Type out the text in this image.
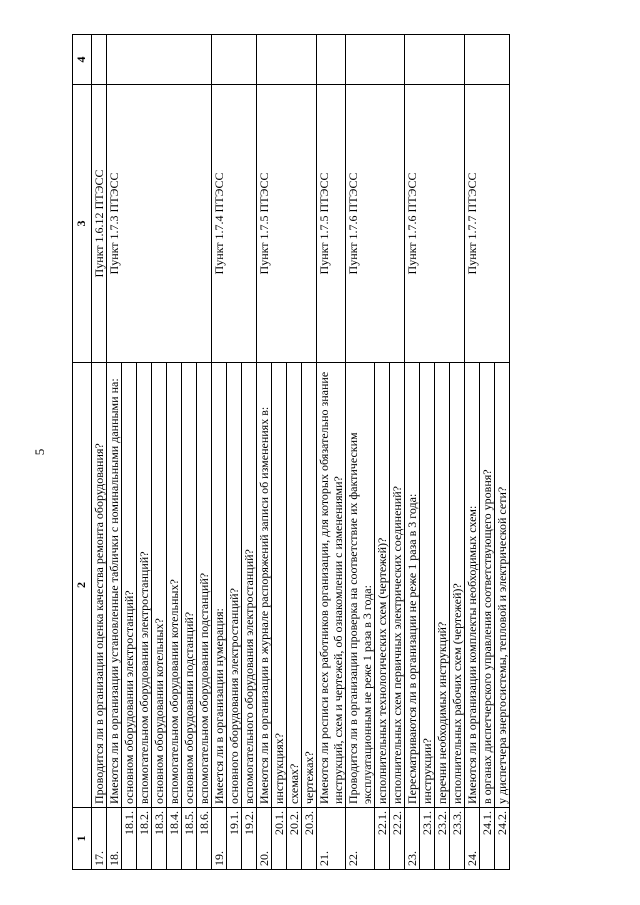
5
1	2	3	4
17.	Проводится ли в организации оценка качества ремонта оборудования?	Пункт 1.6.12 ПТЭСС	
18.	Имеются ли в организации установленные таблички с номинальными данными на:	Пункт 1.7.3 ПТЭСС	
18.1.	основном оборудовании электростанций?		
18.2.	вспомогательном оборудовании электростанций?		
18.3.	основном оборудовании котельных?		
18.4.	вспомогательном оборудовании котельных?		
18.5.	основном оборудовании подстанций?		
18.6.	вспомогательном оборудовании подстанций?		
19.	Имеется ли в организации нумерация:	Пункт 1.7.4 ПТЭСС	
19.1.	основного оборудования электростанций?		
19.2.	вспомогательного оборудования электростанций?		
20.	Имеются ли в организации в журнале распоряжений записи об изменениях в:	Пункт 1.7.5 ПТЭСС	
20.1.	инструкциях?		
20.2.	схемах?		
20.3.	чертежах?		
21.	Имеются ли росписи всех работников организации, для которых обязательно знание инструкций, схем и чертежей, об ознакомлении с изменениями?	Пункт 1.7.5 ПТЭСС	
22.	Проводится ли в организации проверка на соответствие их фактическим эксплуатационным не реже 1 раза в 3 года:	Пункт 1.7.6 ПТЭСС	
22.1.	исполнительных технологических схем (чертежей)?		
22.2.	исполнительных схем первичных электрических соединений?		
23.	Пересматриваются ли в организации не реже 1 раза в 3 года:	Пункт 1.7.6 ПТЭСС	
23.1.	инструкции?		
23.2.	перечни необходимых инструкций?		
23.3.	исполнительных рабочих схем (чертежей)?		
24.	Имеются ли в организации комплекты необходимых схем:	Пункт 1.7.7 ПТЭСС	
24.1.	в органах диспетчерского управления соответствующего уровня?		
24.2.	у диспетчера энергосистемы, тепловой и электрической сети?		
